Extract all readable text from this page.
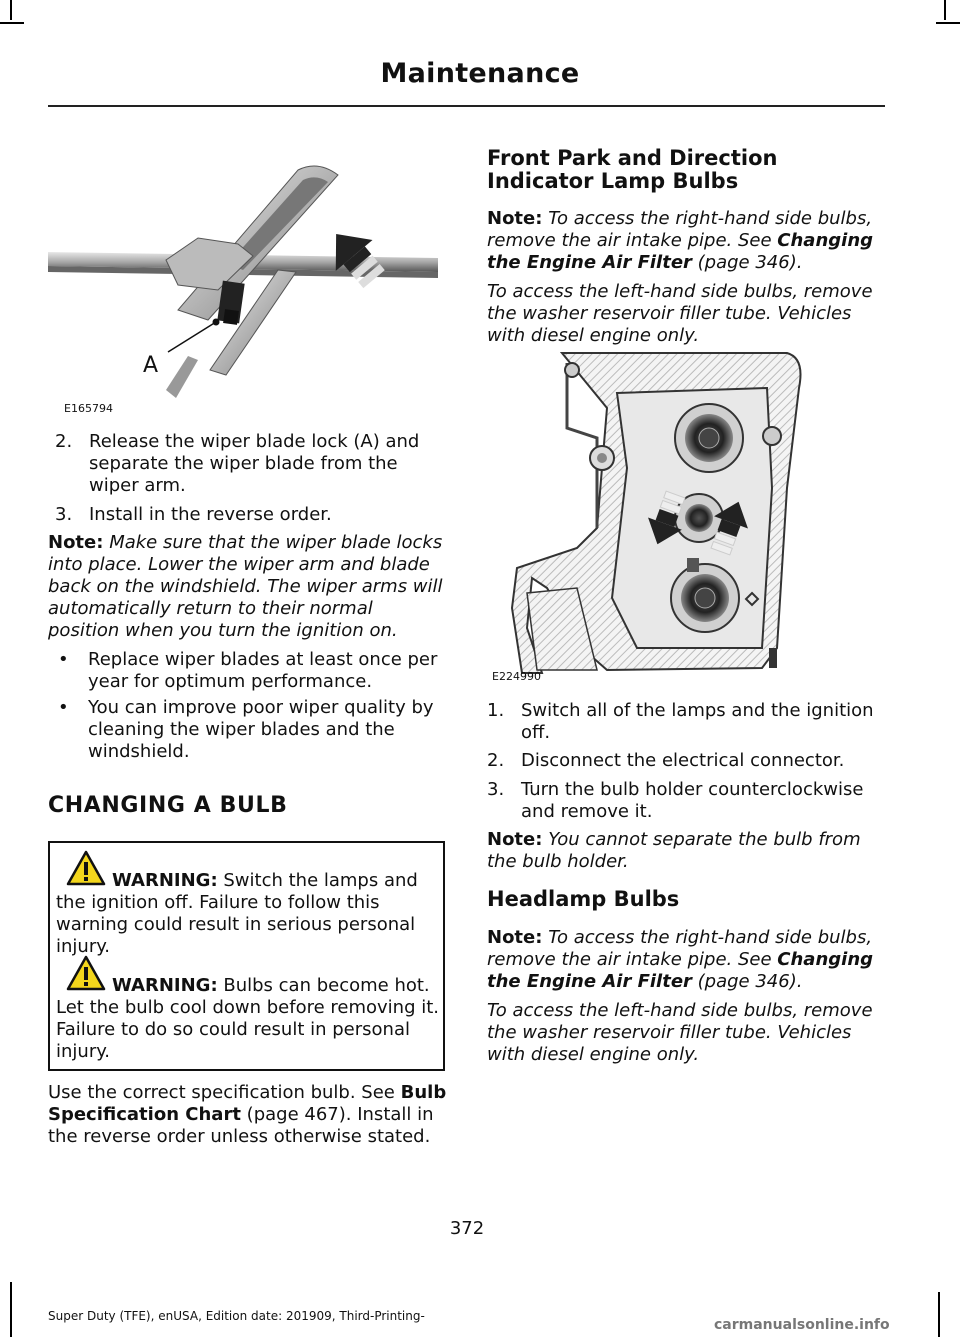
Maintenance
A
E165794
2. Release the wiper blade lock (A) and separate the wiper blade from the wiper arm.
3. Install in the reverse order.

Note: Make sure that the wiper blade locks into place. Lower the wiper arm and blade back on the windshield. The wiper arms will automatically return to their normal position when you turn the ignition on.

• Replace wiper blades at least once per year for optimum performance.
• You can improve poor wiper quality by cleaning the wiper blades and the windshield.
CHANGING A BULB

WARNING: Switch the lamps and the ignition off. Failure to follow this warning could result in serious personal injury.

WARNING: Bulbs can become hot. Let the bulb cool down before removing it. Failure to do so could result in personal injury.

Use the correct specification bulb. See Bulb Specification Chart (page 467). Install in the reverse order unless otherwise stated.

Front Park and Direction Indicator Lamp Bulbs

Note: To access the right-hand side bulbs, remove the air intake pipe. See Changing the Engine Air Filter (page 346).

To access the left-hand side bulbs, remove the washer reservoir filler tube. Vehicles with diesel engine only.

E224990
1. Switch all of the lamps and the ignition off.
2. Disconnect the electrical connector.
3. Turn the bulb holder counterclockwise and remove it.

Note: You cannot separate the bulb from the bulb holder.

Headlamp Bulbs

Note: To access the right-hand side bulbs, remove the air intake pipe. See Changing the Engine Air Filter (page 346).

To access the left-hand side bulbs, remove the washer reservoir filler tube. Vehicles with diesel engine only.

372
Super Duty (TFE), enUSA, Edition date: 201909, Third-Printing-
carmanualsonline.info
